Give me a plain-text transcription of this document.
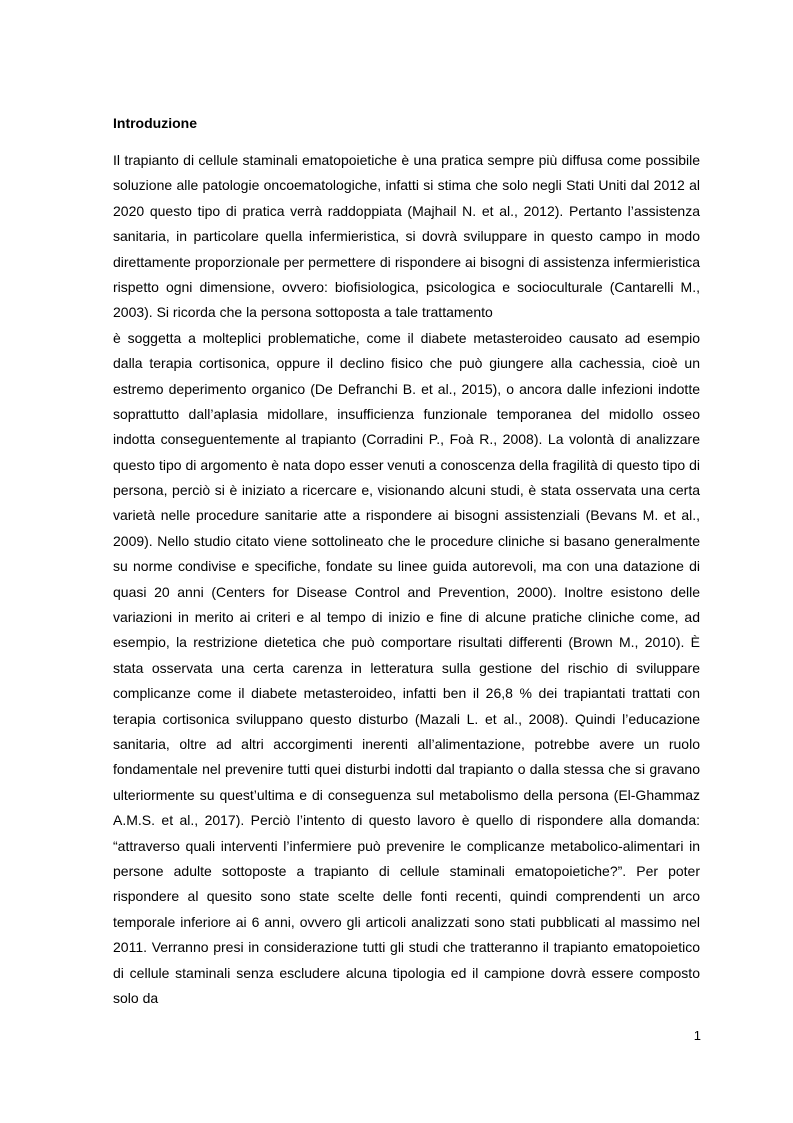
Introduzione
Il trapianto di cellule staminali ematopoietiche è una pratica sempre più diffusa come possibile
soluzione alle patologie oncoematologiche, infatti si stima che solo negli Stati Uniti dal 2012 al
2020 questo tipo di pratica verrà raddoppiata (Majhail N. et al., 2012). Pertanto l’assistenza
sanitaria, in particolare quella infermieristica, si dovrà sviluppare in questo campo in modo
direttamente proporzionale per permettere di rispondere ai bisogni di assistenza infermieristica
rispetto ogni dimensione, ovvero: biofisiologica, psicologica e socioculturale (Cantarelli M.,
2003). Si ricorda che la persona sottoposta a tale trattamento
è soggetta a molteplici problematiche, come il diabete metasteroideo causato ad esempio
dalla terapia cortisonica, oppure il declino fisico che può giungere alla cachessia, cioè un
estremo deperimento organico (De Defranchi B. et al., 2015), o ancora dalle infezioni indotte
soprattutto dall’aplasia midollare, insufficienza funzionale temporanea del midollo osseo
indotta conseguentemente al trapianto (Corradini P., Foà R., 2008). La volontà di analizzare
questo tipo di argomento è nata dopo esser venuti a conoscenza della fragilità di questo tipo di
persona, perciò si è iniziato a ricercare e, visionando alcuni studi, è stata osservata una certa
varietà nelle procedure sanitarie atte a rispondere ai bisogni assistenziali (Bevans M. et al.,
2009). Nello studio citato viene sottolineato che le procedure cliniche si basano generalmente
su norme condivise e specifiche, fondate su linee guida autorevoli, ma con una datazione di
quasi 20 anni (Centers for Disease Control and Prevention, 2000). Inoltre esistono delle
variazioni in merito ai criteri e al tempo di inizio e fine di alcune pratiche cliniche come, ad
esempio, la restrizione dietetica che può comportare risultati differenti (Brown M., 2010). È
stata osservata una certa carenza in letteratura sulla gestione del rischio di sviluppare
complicanze come il diabete metasteroideo, infatti ben il 26,8 % dei trapiantati trattati con
terapia cortisonica sviluppano questo disturbo (Mazali L. et al., 2008). Quindi l’educazione
sanitaria, oltre ad altri accorgimenti inerenti all’alimentazione, potrebbe avere un ruolo
fondamentale nel prevenire tutti quei disturbi indotti dal trapianto o dalla stessa che si gravano
ulteriormente su quest’ultima e di conseguenza sul metabolismo della persona (El-Ghammaz
A.M.S. et al., 2017). Perciò l’intento di questo lavoro è quello di rispondere alla domanda:
“attraverso quali interventi l’infermiere può prevenire le complicanze metabolico-alimentari in
persone adulte sottoposte a trapianto di cellule staminali ematopoietiche?”. Per poter
rispondere al quesito sono state scelte delle fonti recenti, quindi comprendenti un arco
temporale inferiore ai 6 anni, ovvero gli articoli analizzati sono stati pubblicati al massimo nel
2011. Verranno presi in considerazione tutti gli studi che tratteranno il trapianto ematopoietico
di cellule staminali senza escludere alcuna tipologia ed il campione dovrà essere composto
solo da
1
